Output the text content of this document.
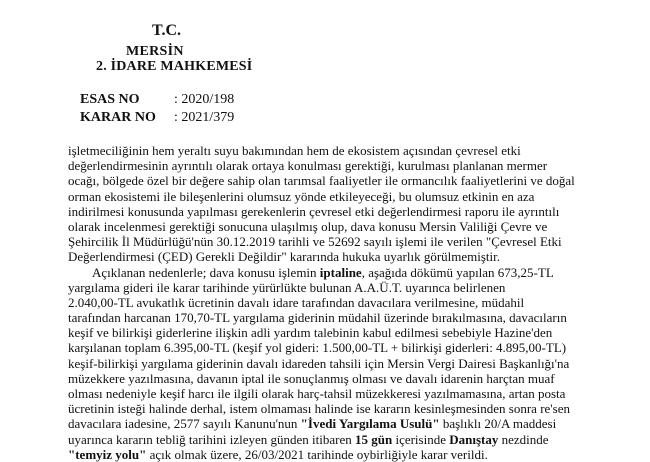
T.C.
MERSİN
2. İDARE MAHKEMESİ
ESAS NO : 2020/198
KARAR NO : 2021/379
işletmeciliğinin hem yeraltı suyu bakımından hem de ekosistem açısından çevresel etki
değerlendirmesinin ayrıntılı olarak ortaya konulması gerektiği, kurulması planlanan mermer
ocağı, bölgede özel bir değere sahip olan tarımsal faaliyetler ile ormancılık faaliyetlerini ve doğal
orman ekosistemi ile bileşenlerini olumsuz yönde etkileyeceği, bu olumsuz etkinin en aza
indirilmesi konusunda yapılması gerekenlerin çevresel etki değerlendirmesi raporu ile ayrıntılı
olarak incelenmesi gerektiği sonucuna ulaşılmış olup, dava konusu Mersin Valiliği Çevre ve
Şehircilik İl Müdürlüğü'nün 30.12.2019 tarihli ve 52692 sayılı işlemi ile verilen "Çevresel Etki
Değerlendirmesi (ÇED) Gerekli Değildir" kararında hukuka uyarlık görülmemiştir.
Açıklanan nedenlerle; dava konusu işlemin iptaline, aşağıda dökümü yapılan 673,25-TL
yargılama gideri ile karar tarihinde yürürlükte bulunan A.A.Ü.T. uyarınca belirlenen
2.040,00-TL avukatlık ücretinin davalı idare tarafından davacılara verilmesine, müdahil
tarafından harcanan 170,70-TL yargılama giderinin müdahil üzerinde bırakılmasına, davacıların
keşif ve bilirkişi giderlerine ilişkin adli yardım talebinin kabul edilmesi sebebiyle Hazine'den
karşılanan toplam 6.395,00-TL (keşif yol gideri: 1.500,00-TL + bilirkişi giderleri: 4.895,00-TL)
keşif-bilirkişi yargılama giderinin davalı idareden tahsili için Mersin Vergi Dairesi Başkanlığı'na
müzekkere yazılmasına, davanın iptal ile sonuçlanmış olması ve davalı idarenin harçtan muaf
olması nedeniyle keşif harcı ile ilgili olarak harç-tahsil müzekkeresi yazılmamasına, artan posta
ücretinin isteği halinde derhal, istem olmaması halinde ise kararın kesinleşmesinden sonra re'sen
davacılara iadesine, 2577 sayılı Kanunu'nun "İvedi Yargılama Usulü" başlıklı 20/A maddesi
uyarınca kararın tebliğ tarihini izleyen günden itibaren 15 gün içerisinde Danıştay nezdinde
"temyiz yolu" açık olmak üzere, 26/03/2021 tarihinde oybirliğiyle karar verildi.
